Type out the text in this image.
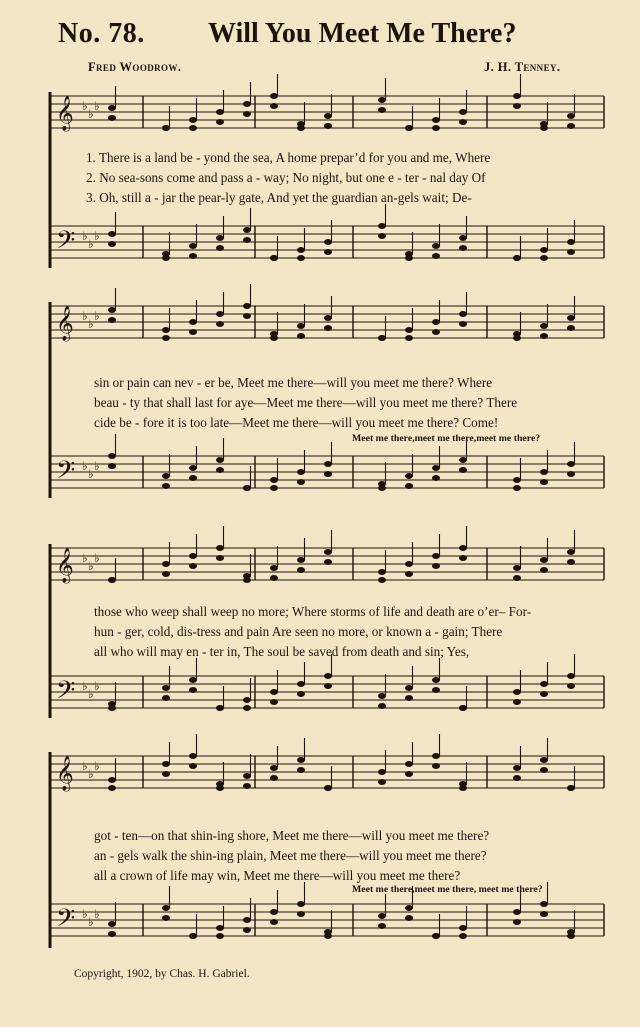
No. 78. Will You Meet Me There?
Fred Woodrow.	J. H. Tenney.
𝄞 ♭
♭
♭
𝄢 ♭
♭
♭
𝄞 ♭
♭
♭
𝄢 ♭
♭
♭
𝄞 ♭
♭
♭
𝄢 ♭
♭
♭
𝄞 ♭
♭
♭
𝄢 ♭
♭
♭
1. There is a land be - yond the sea, A home prepar’d for you and me, Where
2. No sea-sons come and pass a - way; No night, but one e - ter - nal day Of
3. Oh, still a - jar the pear-ly gate, And yet the guardian an-gels wait; De-
sin or pain can nev - er be, Meet me there—will you meet me there? Where
beau - ty that shall last for aye—Meet me there—will you meet me there? There
cide be - fore it is too late—Meet me there—will you meet me there? Come!
Meet me there,meet me there,meet me there?
those who weep shall weep no more; Where storms of life and death are o’er– For-
hun - ger, cold, dis-tress and pain Are seen no more, or known a - gain; There
all who will may en - ter in, The soul be saved from death and sin; Yes,
got - ten—on that shin-ing shore, Meet me there—will you meet me there?
an - gels walk the shin-ing plain, Meet me there—will you meet me there?
all a crown of life may win, Meet me there—will you meet me there?
Meet me there,meet me there, meet me there?
Copyright, 1902, by Chas. H. Gabriel.
